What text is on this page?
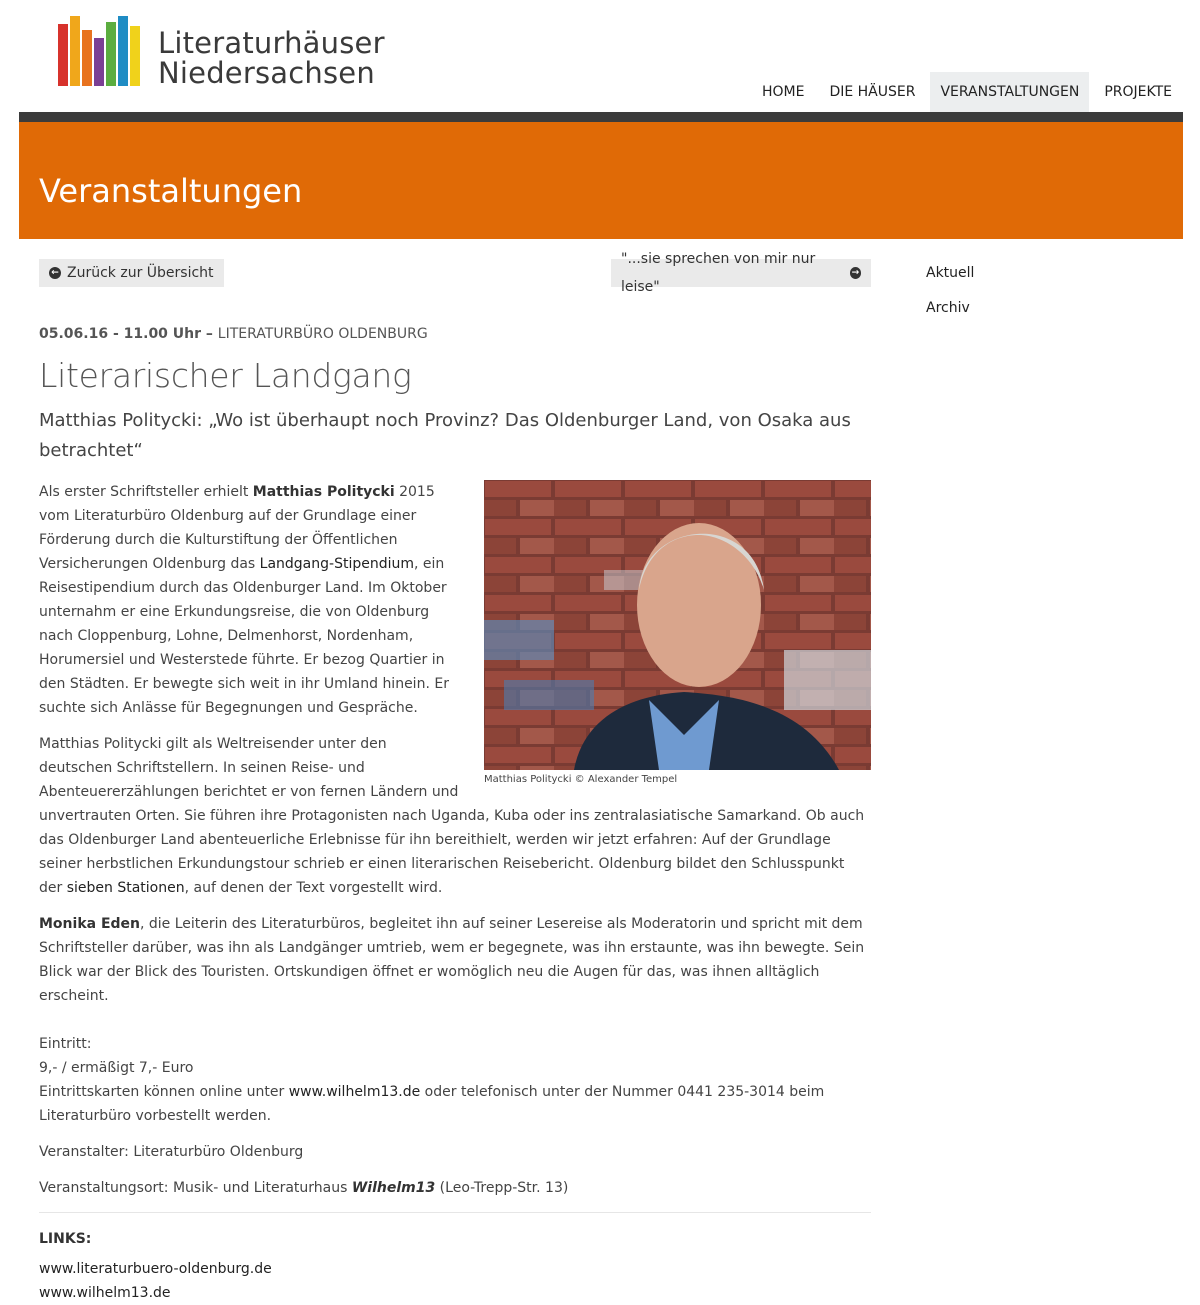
Literaturhäuser
Niedersachsen
HOME	DIE HÄUSER	VERANSTALTUNGEN	PROJEKTE
Veranstaltungen
← Zurück zur Übersicht
"...sie sprechen von mir nur leise"
→	Aktuell
Archiv
05.06.16 - 11.00 Uhr – LITERATURBÜRO OLDENBURG
Literarischer Landgang
Matthias Politycki: „Wo ist überhaupt noch Provinz? Das Oldenburger Land, von Osaka aus betrachtet“
Matthias Politycki © Alexander Tempel

Als erster Schriftsteller erhielt Matthias Politycki 2015 vom Literaturbüro Oldenburg auf der Grundlage einer Förderung durch die Kulturstiftung der Öffentlichen Versicherungen Oldenburg das Landgang-Stipendium, ein Reisestipendium durch das Oldenburger Land. Im Oktober unternahm er eine Erkundungsreise, die von Oldenburg nach Cloppenburg, Lohne, Delmenhorst, Nordenham, Horumersiel und Westerstede führte. Er bezog Quartier in den Städten. Er bewegte sich weit in ihr Umland hinein. Er suchte sich Anlässe für Begegnungen und Gespräche.

Matthias Politycki gilt als Weltreisender unter den deutschen Schriftstellern. In seinen Reise- und Abenteuererzählungen berichtet er von fernen Ländern und unvertrauten Orten. Sie führen ihre Protagonisten nach Uganda, Kuba oder ins zentralasiatische Samarkand. Ob auch das Oldenburger Land abenteuerliche Erlebnisse für ihn bereithielt, werden wir jetzt erfahren: Auf der Grundlage seiner herbstlichen Erkundungstour schrieb er einen literarischen Reisebericht. Oldenburg bildet den Schlusspunkt der sieben Stationen, auf denen der Text vorgestellt wird.

Monika Eden, die Leiterin des Literaturbüros, begleitet ihn auf seiner Lesereise als Moderatorin und spricht mit dem Schriftsteller darüber, was ihn als Landgänger umtrieb, wem er begegnete, was ihn erstaunte, was ihn bewegte. Sein Blick war der Blick des Touristen. Ortskundigen öffnet er womöglich neu die Augen für das, was ihnen alltäglich erscheint.

Eintritt:
9,- / ermäßigt 7,- Euro
Eintrittskarten können online unter www.wilhelm13.de oder telefonisch unter der Nummer 0441 235-3014 beim Literaturbüro vorbestellt werden.

Veranstalter: Literaturbüro Oldenburg

Veranstaltungsort: Musik- und Literaturhaus Wilhelm13 (Leo-Trepp-Str. 13)

LINKS:
www.literaturbuero-oldenburg.de
www.wilhelm13.de
